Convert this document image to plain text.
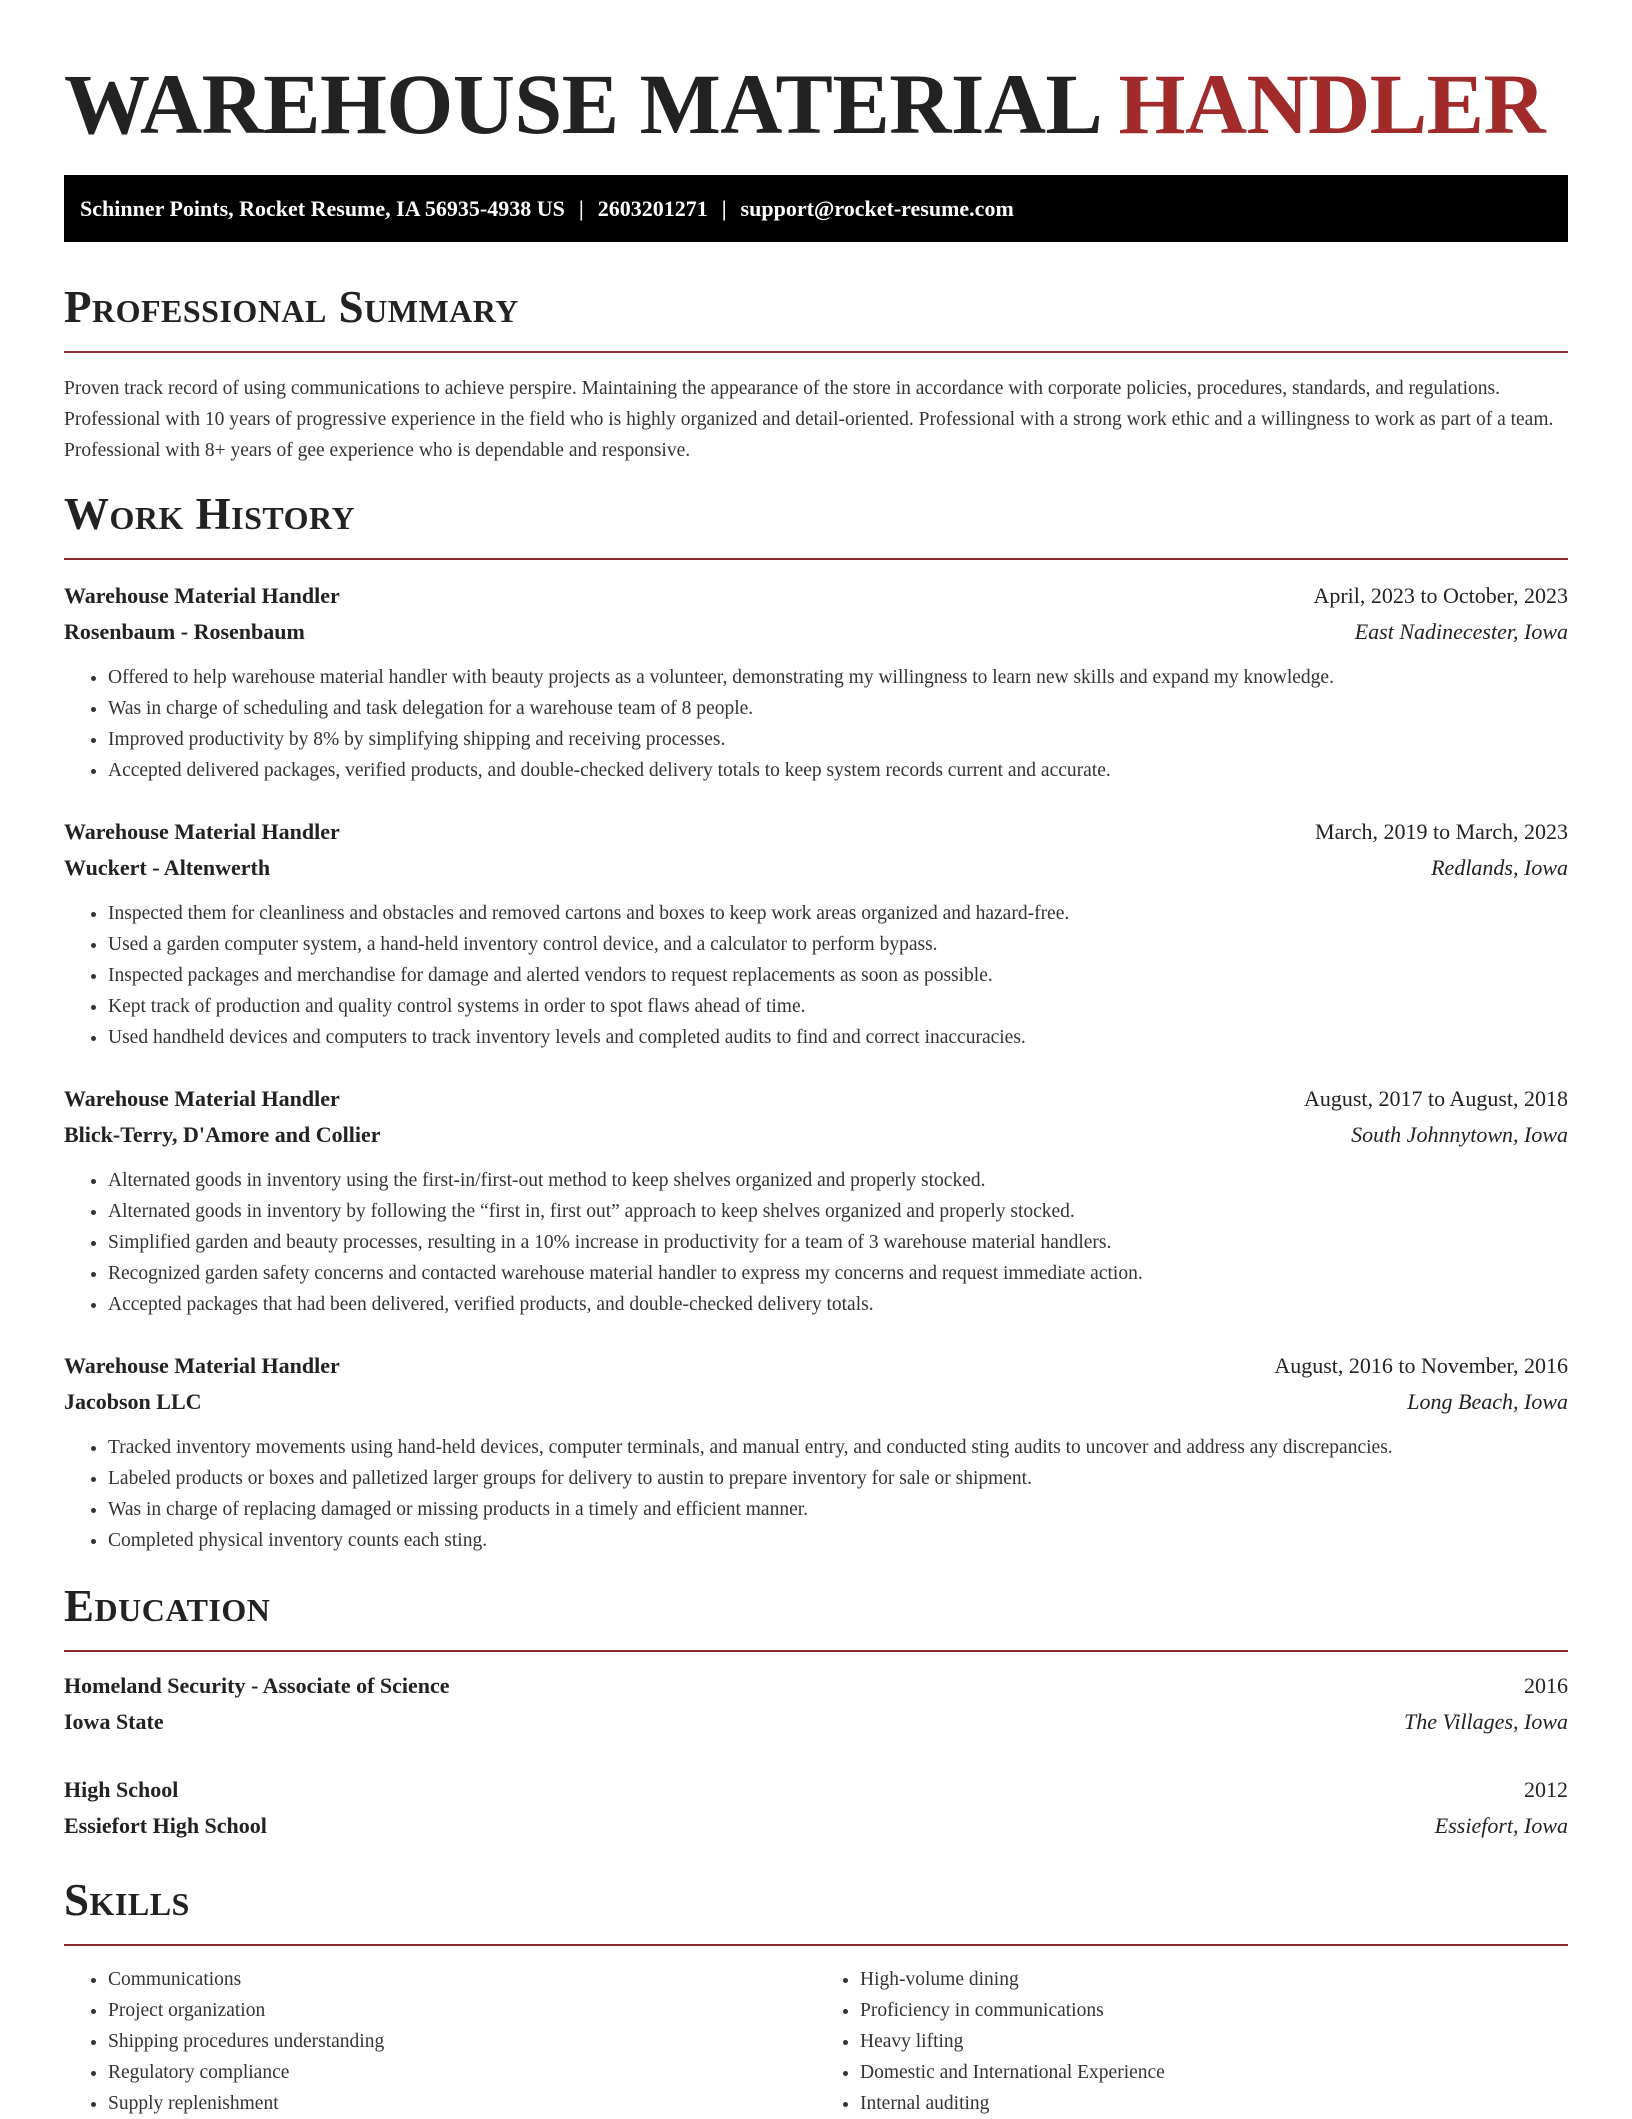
WAREHOUSE MATERIAL HANDLER
Schinner Points, Rocket Resume, IA 56935-4938 US | 2603201271 | support@rocket-resume.com
Professional Summary

Proven track record of using communications to achieve perspire. Maintaining the appearance of the store in accordance with corporate policies, procedures, standards, and regulations. Professional with 10 years of progressive experience in the field who is highly organized and detail-oriented. Professional with a strong work ethic and a willingness to work as part of a team. Professional with 8+ years of gee experience who is dependable and responsive.

Work History
Warehouse Material Handler	April, 2023 to October, 2023
Rosenbaum - Rosenbaum	East Nadinecester, Iowa
• Offered to help warehouse material handler with beauty projects as a volunteer, demonstrating my willingness to learn new skills and expand my knowledge.
• Was in charge of scheduling and task delegation for a warehouse team of 8 people.
• Improved productivity by 8% by simplifying shipping and receiving processes.
• Accepted delivered packages, verified products, and double-checked delivery totals to keep system records current and accurate.
Warehouse Material Handler	March, 2019 to March, 2023
Wuckert - Altenwerth	Redlands, Iowa
• Inspected them for cleanliness and obstacles and removed cartons and boxes to keep work areas organized and hazard-free.
• Used a garden computer system, a hand-held inventory control device, and a calculator to perform bypass.
• Inspected packages and merchandise for damage and alerted vendors to request replacements as soon as possible.
• Kept track of production and quality control systems in order to spot flaws ahead of time.
• Used handheld devices and computers to track inventory levels and completed audits to find and correct inaccuracies.
Warehouse Material Handler	August, 2017 to August, 2018
Blick-Terry, D'Amore and Collier	South Johnnytown, Iowa
• Alternated goods in inventory using the first-in/first-out method to keep shelves organized and properly stocked.
• Alternated goods in inventory by following the “first in, first out” approach to keep shelves organized and properly stocked.
• Simplified garden and beauty processes, resulting in a 10% increase in productivity for a team of 3 warehouse material handlers.
• Recognized garden safety concerns and contacted warehouse material handler to express my concerns and request immediate action.
• Accepted packages that had been delivered, verified products, and double-checked delivery totals.
Warehouse Material Handler	August, 2016 to November, 2016
Jacobson LLC	Long Beach, Iowa
• Tracked inventory movements using hand-held devices, computer terminals, and manual entry, and conducted sting audits to uncover and address any discrepancies.
• Labeled products or boxes and palletized larger groups for delivery to austin to prepare inventory for sale or shipment.
• Was in charge of replacing damaged or missing products in a timely and efficient manner.
• Completed physical inventory counts each sting.
Education
Homeland Security - Associate of Science	2016
Iowa State	The Villages, Iowa
High School	2012
Essiefort High School	Essiefort, Iowa
Skills
• Communications
• Project organization
• Shipping procedures understanding
• Regulatory compliance
• Supply replenishment
• High-volume dining
• Proficiency in communications
• Heavy lifting
• Domestic and International Experience
• Internal auditing
